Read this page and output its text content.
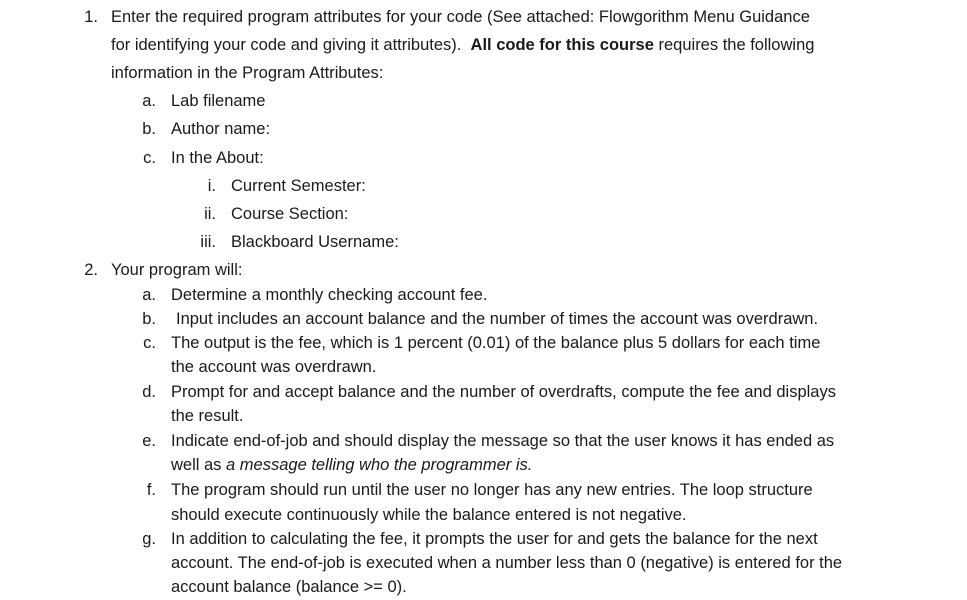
1. Enter the required program attributes for your code (See attached: Flowgorithm Menu Guidance
for identifying your code and giving it attributes). All code for this course requires the following
information in the Program Attributes:
a. Lab filename
b. Author name:
c. In the About:
i. Current Semester:
ii. Course Section:
iii. Blackboard Username:
2. Your program will:
a. Determine a monthly checking account fee.
b. Input includes an account balance and the number of times the account was overdrawn.
c. The output is the fee, which is 1 percent (0.01) of the balance plus 5 dollars for each time
the account was overdrawn.
d. Prompt for and accept balance and the number of overdrafts, compute the fee and displays
the result.
e. Indicate end-of-job and should display the message so that the user knows it has ended as
well as a message telling who the programmer is.
f. The program should run until the user no longer has any new entries. The loop structure
should execute continuously while the balance entered is not negative.
g. In addition to calculating the fee, it prompts the user for and gets the balance for the next
account. The end-of-job is executed when a number less than 0 (negative) is entered for the
account balance (balance >= 0).
